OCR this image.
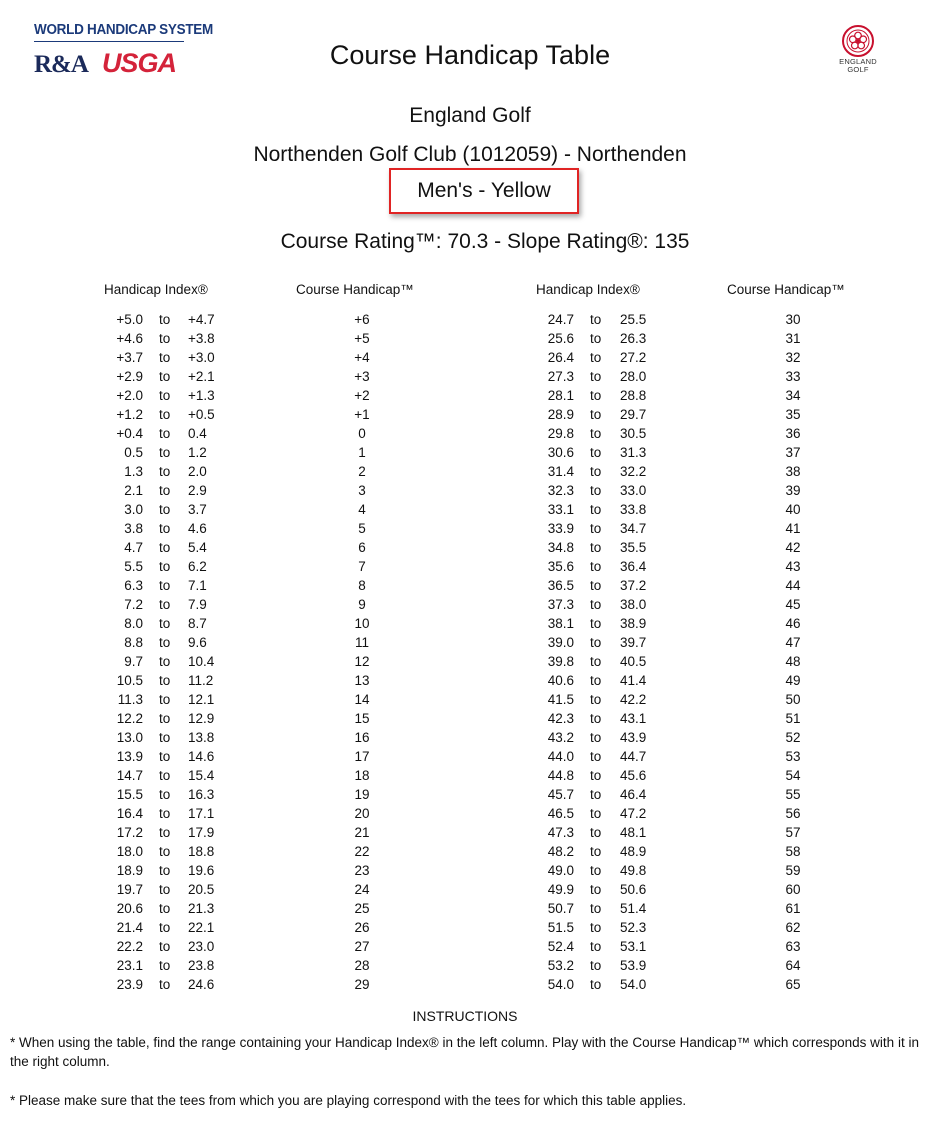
WORLD HANDICAP SYSTEM
R&A USGA	ENGLAND
GOLF
Course Handicap Table
England Golf
Northenden Golf Club (1012059) - Northenden
Men's - Yellow
Course Rating™: 70.3 - Slope Rating®: 135
Handicap Index®	Course Handicap™	Handicap Index®	Course Handicap™
+5.0 to +4.7	+6	24.7 to 25.5	30
+4.6 to +3.8	+5	25.6 to 26.3	31
+3.7 to +3.0	+4	26.4 to 27.2	32
+2.9 to +2.1	+3	27.3 to 28.0	33
+2.0 to +1.3	+2	28.1 to 28.8	34
+1.2 to +0.5	+1	28.9 to 29.7	35
+0.4 to 0.4	0	29.8 to 30.5	36
0.5 to 1.2	1	30.6 to 31.3	37
1.3 to 2.0	2	31.4 to 32.2	38
2.1 to 2.9	3	32.3 to 33.0	39
3.0 to 3.7	4	33.1 to 33.8	40
3.8 to 4.6	5	33.9 to 34.7	41
4.7 to 5.4	6	34.8 to 35.5	42
5.5 to 6.2	7	35.6 to 36.4	43
6.3 to 7.1	8	36.5 to 37.2	44
7.2 to 7.9	9	37.3 to 38.0	45
8.0 to 8.7	10	38.1 to 38.9	46
8.8 to 9.6	11	39.0 to 39.7	47
9.7 to 10.4	12	39.8 to 40.5	48
10.5 to 11.2	13	40.6 to 41.4	49
11.3 to 12.1	14	41.5 to 42.2	50
12.2 to 12.9	15	42.3 to 43.1	51
13.0 to 13.8	16	43.2 to 43.9	52
13.9 to 14.6	17	44.0 to 44.7	53
14.7 to 15.4	18	44.8 to 45.6	54
15.5 to 16.3	19	45.7 to 46.4	55
16.4 to 17.1	20	46.5 to 47.2	56
17.2 to 17.9	21	47.3 to 48.1	57
18.0 to 18.8	22	48.2 to 48.9	58
18.9 to 19.6	23	49.0 to 49.8	59
19.7 to 20.5	24	49.9 to 50.6	60
20.6 to 21.3	25	50.7 to 51.4	61
21.4 to 22.1	26	51.5 to 52.3	62
22.2 to 23.0	27	52.4 to 53.1	63
23.1 to 23.8	28	53.2 to 53.9	64
23.9 to 24.6	29	54.0 to 54.0	65
INSTRUCTIONS
* When using the table, find the range containing your Handicap Index® in the left column. Play with the Course Handicap™ which corresponds with it in the right column.
* Please make sure that the tees from which you are playing correspond with the tees for which this table applies.
